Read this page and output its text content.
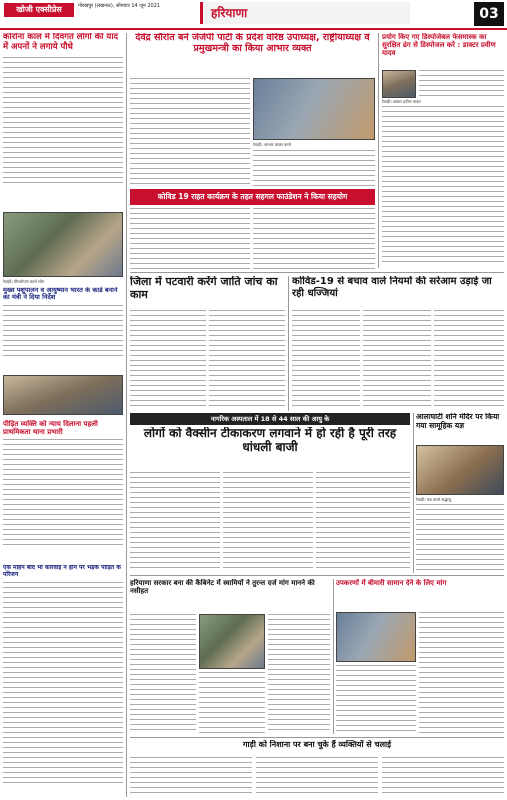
खोजी एक्सीप्रेस	गोरखपुर (लखनऊ), सोमवार 14 जून 2021	हरियाणा	03
कोरोना काल में दिवंगत लोगों की याद में अपनों ने लगाये पौधे
रेवाड़ी। पौधारोपण करते लोग
मुख्य पशुपालन व आयुष्मान भारत के कार्ड बनाने का मंत्री ने दिया निर्देश
पीड़ित व्यक्ति को न्याय दिलाना पहली प्राथमिकता थाना प्रभारी
एक महिने बाद भी कार्रवाई न होने पर भड़के पीड़ित के परिजन
देवेंद्र सौरोत बने जेजेपी पार्टी के प्रदेश वरिष्ठ उपाध्यक्ष, राष्ट्रीयाध्यक्ष व प्रमुखमन्त्री का किया आभार व्यक्त
रेवाड़ी। आभार व्यक्त करते
प्रयोग किए गए डिस्पोजेबल फेसमास्क का सुरक्षित ढंग से डिस्पोजल करे : डाक्टर प्रवीण यादव
रेवाड़ी। डाक्टर प्रवीण यादव
कोविड 19 राहत कार्यक्रम के तहत सहगल फाउंडेशन ने किया सहयोग
जिला में पटवारी करेंगे जाति जांच का काम
कोविड-19 से बचाव वाले नियमों की सरेआम उड़ाई जा रही धज्जियां
नागरिक अस्पताल में 18 से 44 साल की आयु के
लोगों को वैक्सीन टीकाकरण लगवाने में हो रही है पूरी तरह धांधली बाजी
आलाघाटी शनि मंदिर पर किया गया सामूहिक यज्ञ
रेवाड़ी। यज्ञ करते श्रद्धालु
हरियाणा सरकार बना की कैबिनेट में स्वामियों ने तुरन्त दर्ज मांग मानने की नसीहत
उपकरणों में बीमारी सामान देने के लिए मांग
गाड़ी को निशाना पर बना चुके हैं व्यक्तियों से चलाई
